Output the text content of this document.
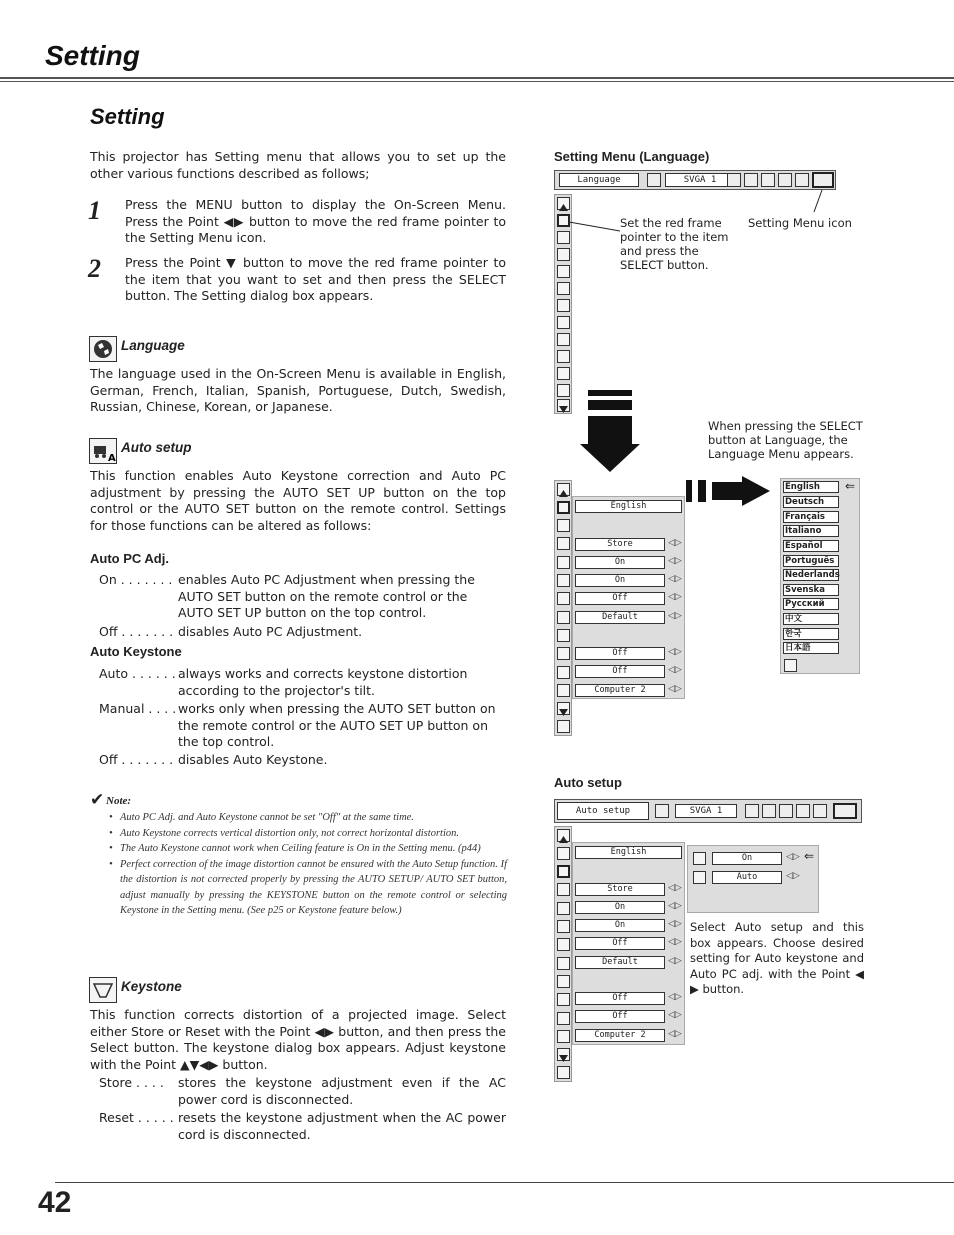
Setting
Setting
This projector has Setting menu that allows you to set up the other various functions described as follows;
1 Press the MENU button to display the On-Screen Menu. Press the Point ◀▶ button to move the red frame pointer to the Setting Menu icon.
2 Press the Point ▼ button to move the red frame pointer to the item that you want to set and then press the SELECT button. The Setting dialog box appears.
Language
The language used in the On-Screen Menu is available in English, German, French, Italian, Spanish, Portuguese, Dutch, Swedish, Russian, Chinese, Korean, or Japanese.
A
Auto setup
This function enables Auto Keystone correction and Auto PC adjustment by pressing the AUTO SET UP button on the top control or the AUTO SET button on the remote control. Settings for those functions can be altered as follows:
Auto PC Adj.
On . . . . . . . enables Auto PC Adjustment when pressing the AUTO SET button on the remote control or the AUTO SET UP button on the top control.
Off . . . . . . . disables Auto PC Adjustment.
Auto Keystone
Auto . . . . . . always works and corrects keystone distortion according to the projector's tilt.
Manual . . . . works only when pressing the AUTO SET button on the remote control or the AUTO SET UP button on the top control.
Off . . . . . . . disables Auto Keystone.
✔ Note:
• Auto PC Adj. and Auto Keystone cannot be set "Off" at the same time.
• Auto Keystone corrects vertical distortion only, not correct horizontal distortion.
• The Auto Keystone cannot work when Ceiling feature is On in the Setting menu. (p44)
• Perfect correction of the image distortion cannot be ensured with the Auto Setup function. If the distortion is not corrected properly by pressing the AUTO SETUP/ AUTO SET button, adjust manually by pressing the KEYSTONE button on the remote control or selecting Keystone in the Setting menu. (See p25 or Keystone feature below.)
Keystone
This function corrects distortion of a projected image. Select either Store or Reset with the Point ◀▶ button, and then press the Select button. The keystone dialog box appears. Adjust keystone with the Point ▲▼◀▶ button.
Store . . . . stores the keystone adjustment even if the AC power cord is disconnected.
Reset . . . . . resets the keystone adjustment when the AC power cord is disconnected.
Setting Menu (Language)
Language	SVGA 1
Set the red frame pointer to the item and press the SELECT button.
Setting Menu icon
When pressing the SELECT button at Language, the Language Menu appears.
English
Store
On
On
Off
Default
Off
Off
Computer 2
◁▷
◁▷
◁▷
◁▷
◁▷
◁▷
◁▷
◁▷
English
Deutsch
Français
Italiano
Español
Português
Nederlands
Svenska
Русский
中文
한국
日本語
⇐
Auto setup
Auto setup	SVGA 1
English
Store
On
On
Off
Default
Off
Off
Computer 2
◁▷
◁▷
◁▷
◁▷
◁▷
◁▷
◁▷
◁▷
On	◁▷ ⇐
Auto	◁▷
Select Auto setup and this box appears. Choose desired setting for Auto keystone and Auto PC adj. with the Point ◀ ▶ button.
42
